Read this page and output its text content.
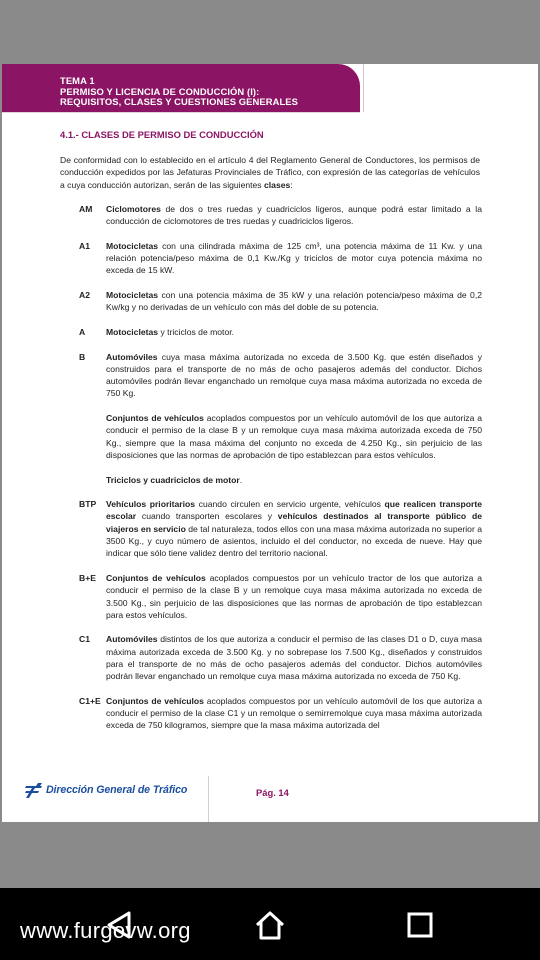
TEMA 1
PERMISO Y LICENCIA DE CONDUCCIÓN (I):
REQUISITOS, CLASES Y CUESTIONES GENERALES
4.1.- CLASES DE PERMISO DE CONDUCCIÓN
De conformidad con lo establecido en el artículo 4 del Reglamento General de Conductores, los permisos de conducción expedidos por las Jefaturas Provinciales de Tráfico, con expresión de las categorías de vehículos a cuya conducción autorizan, serán de las siguientes clases:
AM	Ciclomotores de dos o tres ruedas y cuadriciclos ligeros, aunque podrá estar limitado a la conducción de ciclomotores de tres ruedas y cuadriciclos ligeros.
A1	Motocicletas con una cilindrada máxima de 125 cm³, una potencia máxima de 11 Kw. y una relación potencia/peso máxima de 0,1 Kw./Kg y triciclos de motor cuya potencia máxima no exceda de 15 kW.
A2	Motocicletas con una potencia máxima de 35 kW y una relación potencia/peso máxima de 0,2 Kw/kg y no derivadas de un vehículo con más del doble de su potencia.
A	Motocicletas y triciclos de motor.
B	Automóviles cuya masa máxima autorizada no exceda de 3.500 Kg. que estén diseñados y construidos para el transporte de no más de ocho pasajeros además del conductor. Dichos automóviles podrán llevar enganchado un remolque cuya masa máxima autorizada no exceda de 750 Kg.
Conjuntos de vehículos acoplados compuestos por un vehículo automóvil de los que autoriza a conducir el permiso de la clase B y un remolque cuya masa máxima autorizada exceda de 750 Kg., siempre que la masa máxima del conjunto no exceda de 4.250 Kg., sin perjuicio de las disposiciones que las normas de aprobación de tipo establezcan para estos vehículos.
Triciclos y cuadriciclos de motor.
BTP	Vehículos prioritarios cuando circulen en servicio urgente, vehículos que realicen transporte escolar cuando transporten escolares y vehículos destinados al transporte público de viajeros en servicio de tal naturaleza, todos ellos con una masa máxima autorizada no superior a 3500 Kg., y cuyo número de asientos, incluido el del conductor, no exceda de nueve. Hay que indicar que sólo tiene validez dentro del territorio nacional.
B+E	Conjuntos de vehículos acoplados compuestos por un vehículo tractor de los que autoriza a conducir el permiso de la clase B y un remolque cuya masa máxima autorizada no exceda de 3.500 Kg., sin perjuicio de las disposiciones que las normas de aprobación de tipo establezcan para estos vehículos.
C1	Automóviles distintos de los que autoriza a conducir el permiso de las clases D1 o D, cuya masa máxima autorizada exceda de 3.500 Kg. y no sobrepase los 7.500 Kg., diseñados y construidos para el transporte de no más de ocho pasajeros además del conductor. Dichos automóviles podrán llevar enganchado un remolque cuya masa máxima autorizada no exceda de 750 Kg.
C1+E Conjuntos de vehículos acoplados compuestos por un vehículo automóvil de los que autoriza a conducir el permiso de la clase C1 y un remolque o semirremolque cuya masa máxima autorizada exceda de 750 kilogramos, siempre que la masa máxima autorizada del
Dirección General de Tráfico	Pág. 14
www.furgovw.org
